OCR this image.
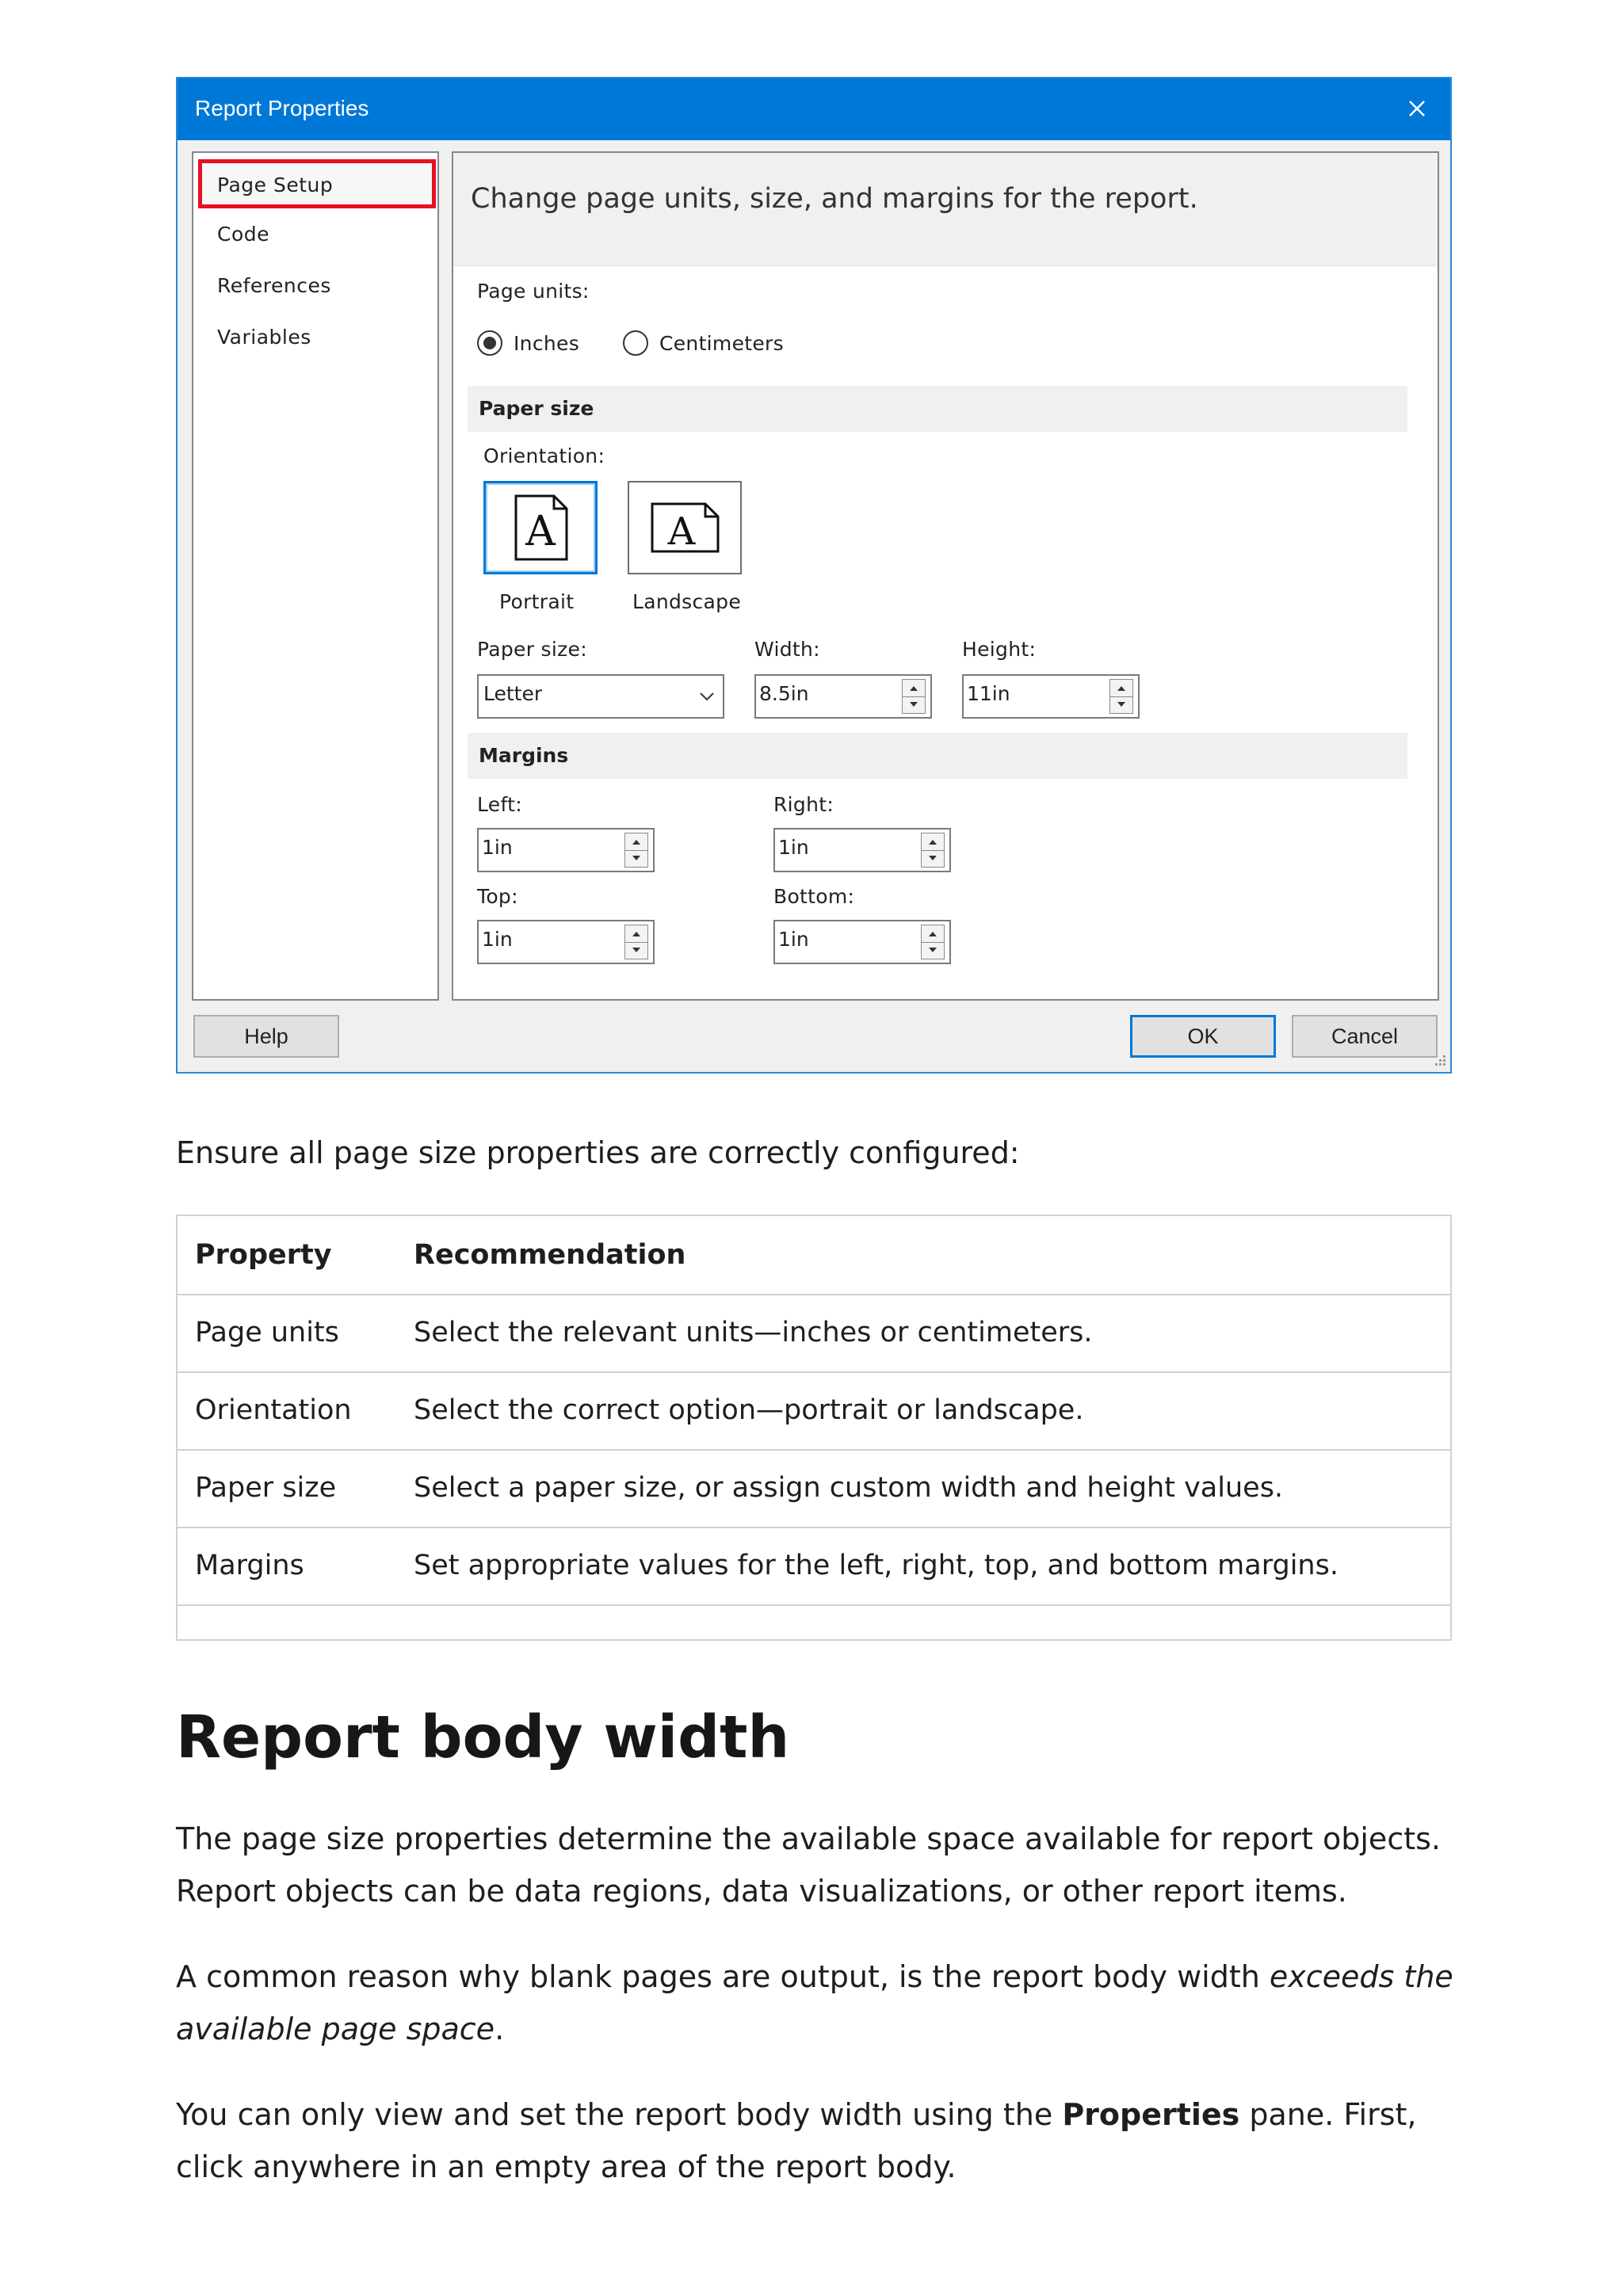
Report Properties
Page Setup
Code
References
Variables
Change page units, size, and margins for the report.
Page units:
Inches	Centimeters
Paper size
Orientation:
A	A
Portrait	Landscape
Paper size:
Letter
Width:
8.5in
Height:
11in
Margins
Left:
1in
Right:
1in
Top:
1in
Bottom:
1in
Help	OK	Cancel
Ensure all page size properties are correctly configured:
Property	Recommendation
Page units	Select the relevant units—inches or centimeters.
Orientation Select the correct option—portrait or landscape.
Paper size	Select a paper size, or assign custom width and height values.
Margins	Set appropriate values for the left, right, top, and bottom margins.
Report body width
The page size properties determine the available space available for report objects. Report objects can be data regions, data visualizations, or other report items.
A common reason why blank pages are output, is the report body width exceeds the available page space.
You can only view and set the report body width using the Properties pane. First, click anywhere in an empty area of the report body.
